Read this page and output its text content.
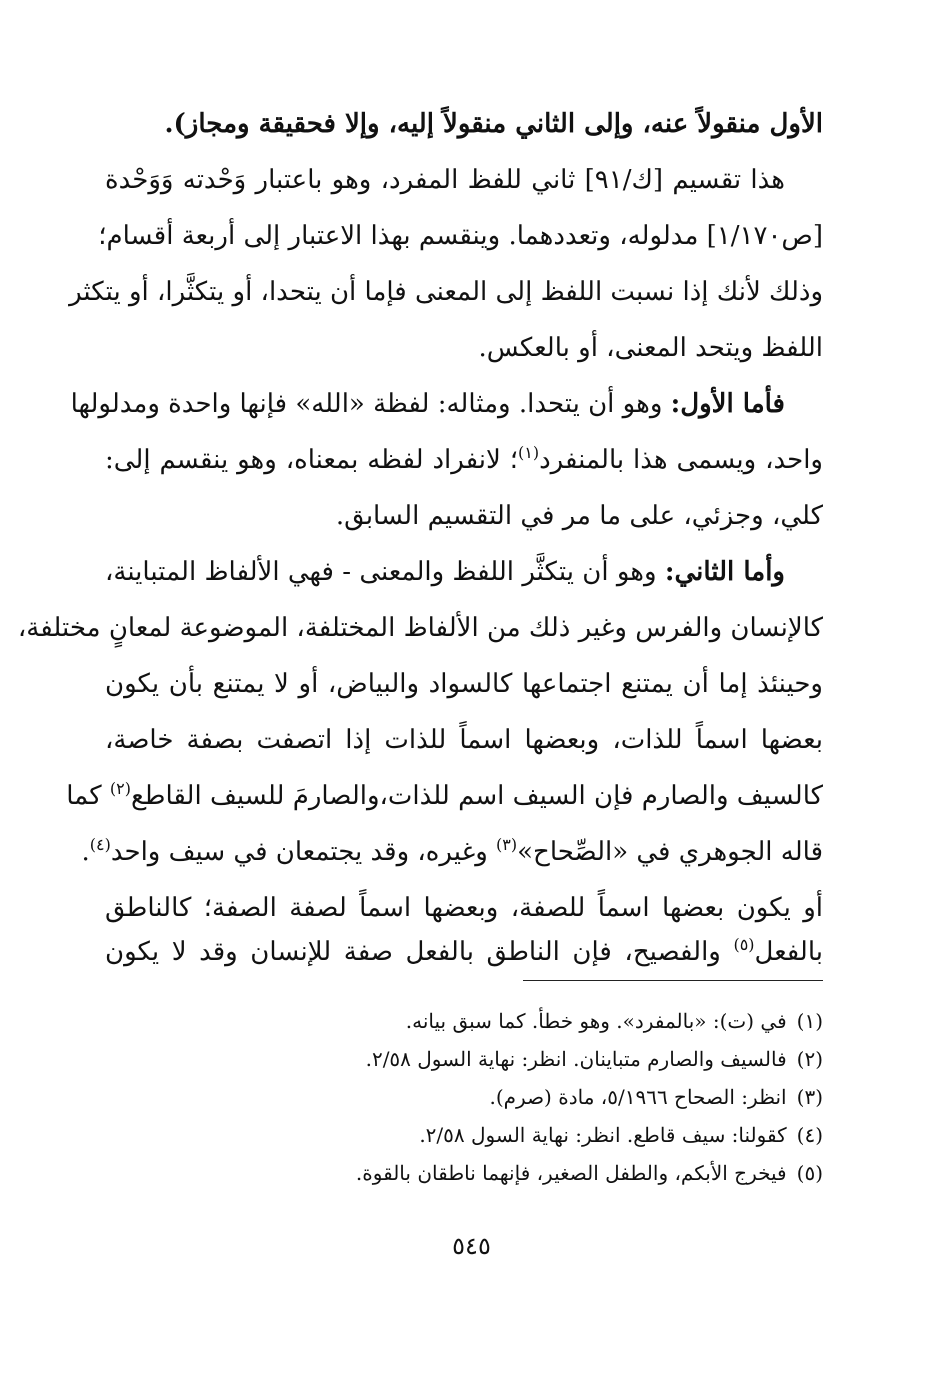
الأول منقولاً عنه، وإلى الثاني منقولاً إليه، وإلا فحقيقة ومجاز).
هذا تقسيم [ك/٩١] ثاني للفظ المفرد، وهو باعتبار وَحْدته وَوَحْدة
[ص١/١٧٠] مدلوله، وتعددهما. وينقسم بهذا الاعتبار إلى أربعة أقسام؛
وذلك لأنك إذا نسبت اللفظ إلى المعنى فإما أن يتحدا، أو يتكثَّرا، أو يتكثر
اللفظ ويتحد المعنى، أو بالعكس.
فأما الأول: وهو أن يتحدا. ومثاله: لفظة «الله» فإنها واحدة ومدلولها
واحد، ويسمى هذا بالمنفرد$^{(١)}$؛ لانفراد لفظه بمعناه، وهو ينقسم إلى:
كلي، وجزئي، على ما مر في التقسيم السابق.
وأما الثاني: وهو أن يتكثَّر اللفظ والمعنى - فهي الألفاظ المتباينة،
كالإنسان والفرس وغير ذلك من الألفاظ المختلفة، الموضوعة لمعانٍ مختلفة،
وحينئذ إما أن يمتنع اجتماعها كالسواد والبياض، أو لا يمتنع بأن يكون
بعضها اسماً للذات، وبعضها اسماً للذات إذا اتصفت بصفة خاصة،
كالسيف والصارم فإن السيف اسم للذات،والصارمَ للسيف القاطع$^{(٢)}$ كما
قاله الجوهري في «الصِّحاح»$^{(٣)}$ وغيره، وقد يجتمعان في سيف واحد$^{(٤)}$.
أو يكون بعضها اسماً للصفة، وبعضها اسماً لصفة الصفة؛ كالناطق
بالفعل$^{(٥)}$ والفصيح، فإن الناطق بالفعل صفة للإنسان وقد لا يكون
(١)في (ت): «بالمفرد». وهو خطأ. كما سبق بيانه.
(٢)فالسيف والصارم متباينان. انظر: نهاية السول ٢/٥٨.
(٣)انظر: الصحاح ٥/١٩٦٦، مادة (صرم).
(٤)كقولنا: سيف قاطع. انظر: نهاية السول ٢/٥٨.
(٥)فيخرج الأبكم، والطفل الصغير، فإنهما ناطقان بالقوة.
٥٤٥
